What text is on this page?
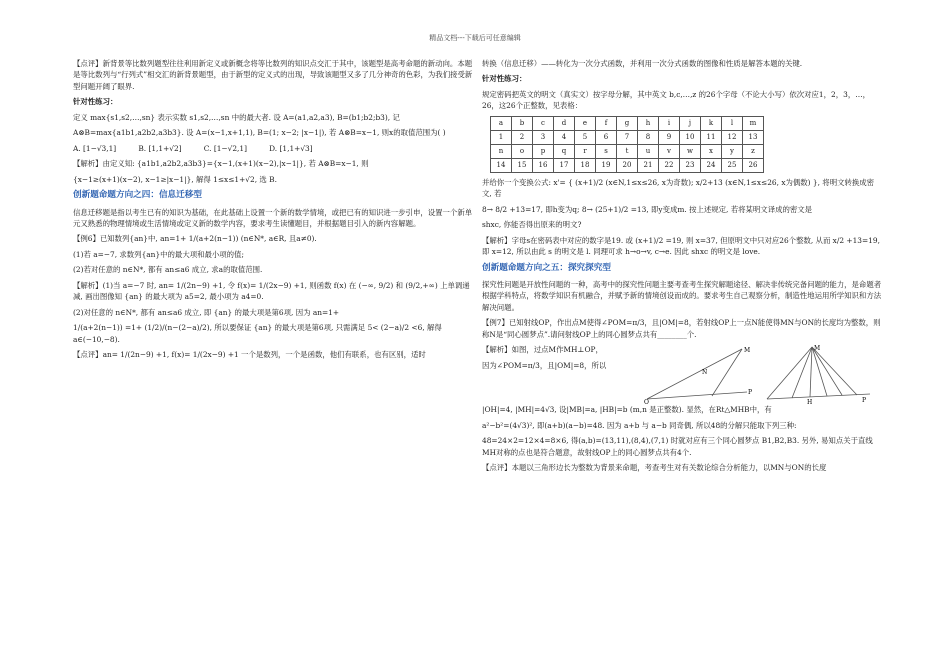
精品文档---下载后可任意编辑

【点评】新背景等比数列题型往往利用新定义或新概念将等比数列的知识点交汇于其中，该题型是高考命题的新动向。本题是等比数列与“行列式”相交汇的新背景题型，由于新型的定义式的出现，导致该题型又多了几分神奇的色彩，为我们接受新型问题开阔了眼界.

针对性练习：

定义 max{s1,s2,…,sn} 表示实数 s1,s2,…,sn 中的最大者. 设 A=(a1,a2,a3), B=(b1;b2;b3), 记

A⊗B=max{a1b1,a2b2,a3b3}. 设 A=(x−1,x+1,1), B=(1; x−2; |x−1|), 若 A⊗B=x−1, 则x的取值范围为( )

A. [1−√3,1]　　　B. [1,1+√2]　　　C. [1−√2,1]　　　D. [1,1+√3]

【解析】由定义知: {a1b1,a2b2,a3b3}={x−1,(x+1)(x−2),|x−1|}, 若 A⊗B=x−1, 则

{x−1≥(x+1)(x−2), x−1≥|x−1|}, 解得 1≤x≤1+√2, 选 B.

创新题命题方向之四：信息迁移型

信息迁移题是指以考生已有的知识为基础，在此基础上设置一个新的数学情境，或把已有的知识进一步引申，设置一个新单元又熟悉的物理情境或生活情境或定义新的数学内容，要求考生读懂题目，并根据题目引入的新内容解题。

【例6】已知数列{an}中, an=1+ 1/(a+2(n−1)) (n∈N*, a∈R, 且a≠0).

(1)若 a=−7, 求数列{an}中的最大项和最小项的值;

(2)若对任意的 n∈N*, 都有 an≤a6 成立, 求a的取值范围.

【解析】(1)当 a=−7 时, an= 1/(2n−9) +1, 令 f(x)= 1/(2x−9) +1, 则函数 f(x) 在 (−∞, 9/2) 和 (9/2,+∞) 上单调递减, 画出图像知 {an} 的最大项为 a5=2, 最小项为 a4=0.

(2)对任意的 n∈N*, 都有 an≤a6 成立, 即 {an} 的最大项是第6项, 因为 an=1+

1/(a+2(n−1)) =1+ (1/2)/(n−(2−a)/2), 所以要保证 {an} 的最大项是第6项, 只需满足 5< (2−a)/2 <6, 解得 a∈(−10,−8).

【点评】an= 1/(2n−9) +1, f(x)= 1/(2x−9) +1 一个是数列，一个是函数，他们有联系，也有区别，适时

转换（信息迁移）——转化为一次分式函数，并利用一次分式函数的图像和性质是解答本题的关键.

针对性练习：

规定密码把英文的明文（真实文）按字母分解，其中英文 b,c,…,z 的26个字母（不论大小写）依次对应1，2，3，…，26，这26个正整数，见表格：

a	b	c	d	e	f	g	h	i	j	k	l	m
1	2	3	4	5	6	7	8	9	10	11	12	13
n	o	p	q	r	s	t	u	v	w	x	y	z
14	15	16	17	18	19	20	21	22	23	24	25	26

并给你一个变换公式: x'= { (x+1)/2 (x∈N,1≤x≤26, x为奇数); x/2+13 (x∈N,1≤x≤26, x为偶数) }, 将明文转换成密文, 若

8→ 8/2 +13=17, 即h变为q; 8→ (25+1)/2 =13, 即y变成m. 按上述规定, 若将某明文译成的密文是

shxc, 你能否得出原来的明文?

【解析】字母s在密码表中对应的数字是19. 或 (x+1)/2 =19, 则 x=37, 但原明文中只对应26个整数, 从而 x/2 +13=19, 即 x=12, 所以由此 s 的明文是 l. 同理可求 h→o→v, c→e. 因此 shxc 的明文是 love.

创新题命题方向之五：探究探究型

探究性问题是开放性问题的一种，高考中的探究性问题主要考查考生探究解题途径、解决非传统完备问题的能力，是命题者根据学科特点，将数学知识有机融合，并赋予新的情境创设而成的。要求考生自己观察分析，制造性地运用所学知识和方法解决问题。

【例7】已知射线OP，作出点M使得∠POM=π/3，且|OM|=8，若射线OP上一点N能使得MN与ON的长度均为整数，则称N是“同心圆梦点”.请问射线OP上的同心圆梦点共有________个.

【解析】如图，过点M作MH⊥OP，

因为∠POM=π/3，且|OM|=8，所以

M
N
O
P
M
H	P

|OH|=4, |MH|=4√3, 设|MB|=a, |HB|=b (m,n 是正整数). 显然，在Rt△MHB中，有

a²−b²=(4√3)², 即(a+b)(a−b)=48. 因为 a+b 与 a−b 同奇偶, 所以48的分解只能取下列三种:

48=24×2=12×4=8×6, 得(a,b)=(13,11),(8,4),(7,1) 时就对应有三个同心圆梦点 B1,B2,B3. 另外, 易知点关于直线MH对称的点也是符合题意，故射线OP上的同心圆梦点共有4个.

【点评】本题以三角形边长为整数为背景来命题，考查考生对有关数论综合分析能力，以MN与ON的长度
